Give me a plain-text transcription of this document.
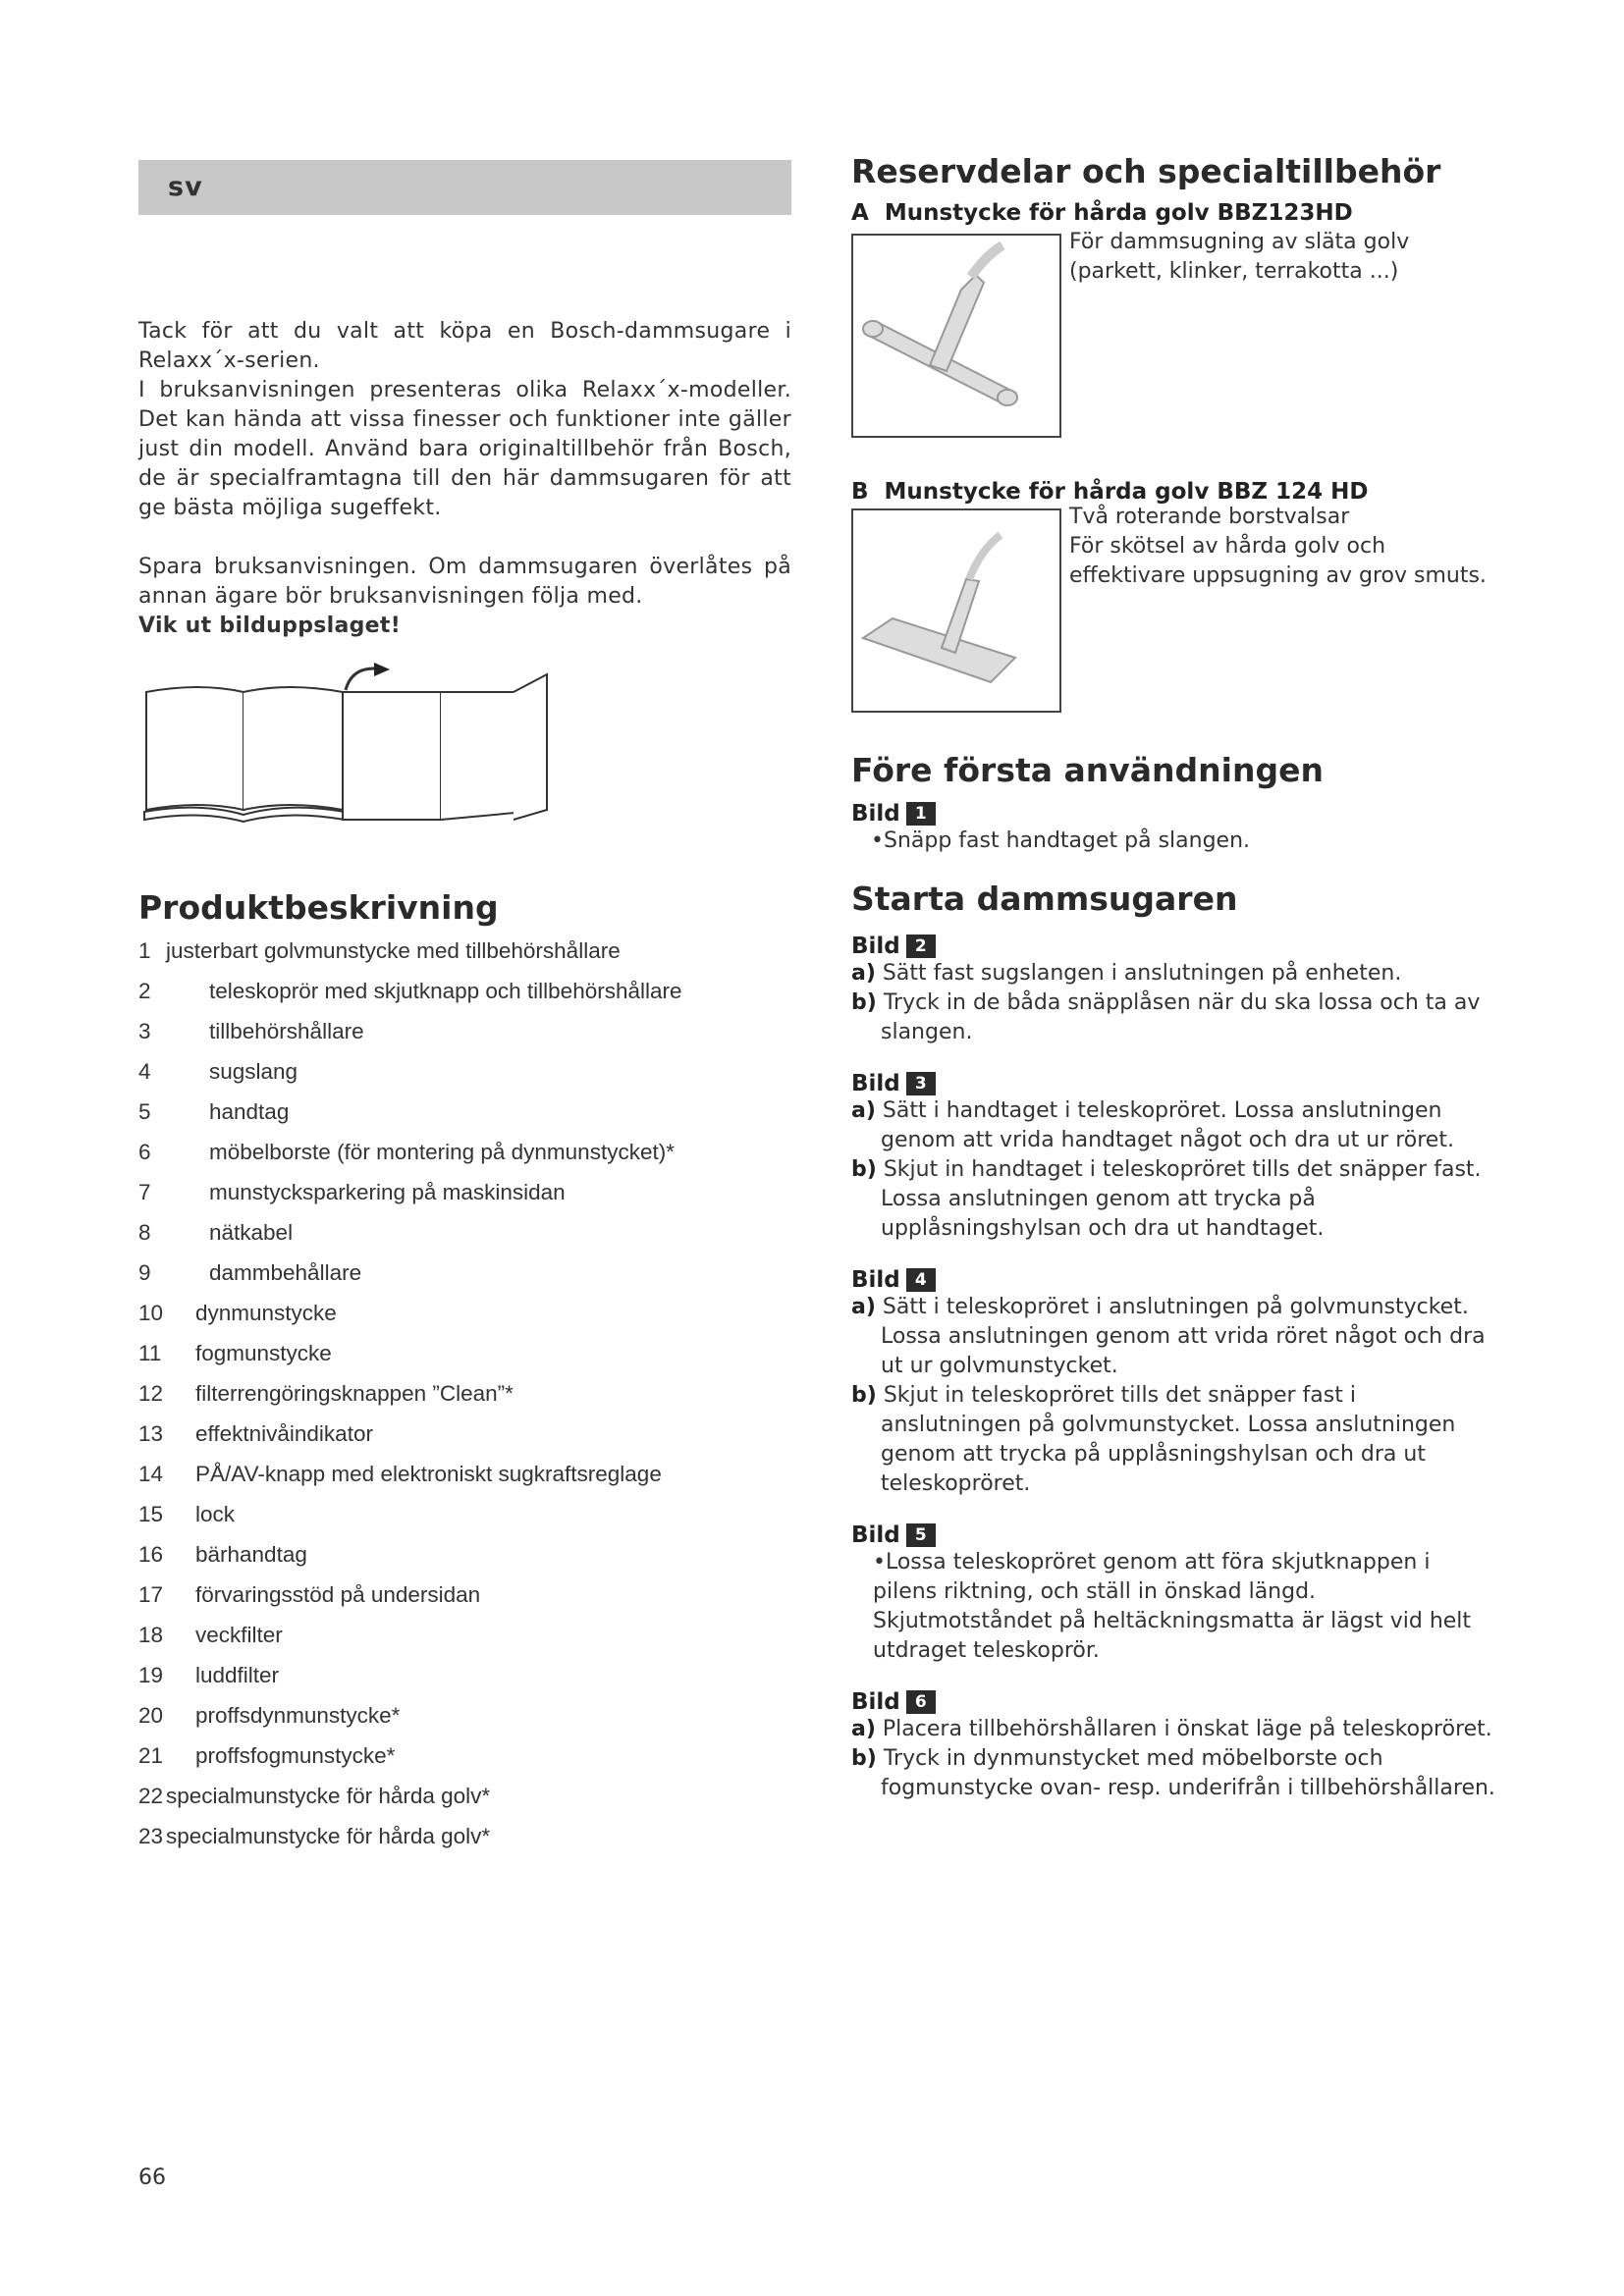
sv

Tack för att du valt att köpa en Bosch-dammsugare i Relaxx´x-serien.

I bruksanvisningen presenteras olika Relaxx´x-modeller. Det kan hända att vissa finesser och funktioner inte gäller just din modell. Använd bara originaltillbehör från Bosch, de är specialframtagna till den här dammsugaren för att ge bästa möjliga sugeffekt.

Spara bruksanvisningen. Om dammsugaren överlåtes på annan ägare bör bruksanvisningen följa med.

Vik ut bilduppslaget!

Produktbeskrivning
1 justerbart golvmunstycke med tillbehörshållare
2	teleskoprör med skjutknapp och tillbehörshållare
3	tillbehörshållare
4	sugslang
5	handtag
6	möbelborste (för montering på dynmunstycket)*
7	munstycksparkering på maskinsidan
8	nätkabel
9	dammbehållare
10	dynmunstycke
11	fogmunstycke
12	filterrengöringsknappen ”Clean”*
13	effektnivåindikator
14	PÅ/AV-knapp med elektroniskt sugkraftsreglage
15	lock
16	bärhandtag
17	förvaringsstöd på undersidan
18	veckfilter
19	luddfilter
20	proffsdynmunstycke*
21	proffsfogmunstycke*
22 specialmunstycke för hårda golv*
23 specialmunstycke för hårda golv*
Reservdelar och specialtillbehör
A Munstycke för hårda golv BBZ123HD
För dammsugning av släta golv (parkett, klinker, terrakotta ...)
B Munstycke för hårda golv BBZ 124 HD
Två roterande borstvalsar
För skötsel av hårda golv och effektivare uppsugning av grov smuts.
Före första användningen
Bild 1

•Snäpp fast handtaget på slangen.

Starta dammsugaren
Bild 2

a) Sätt fast sugslangen i anslutningen på enheten.

b) Tryck in de båda snäpplåsen när du ska lossa och ta av slangen.

Bild 3

a) Sätt i handtaget i teleskopröret. Lossa anslutningen genom att vrida handtaget något och dra ut ur röret.

b) Skjut in handtaget i teleskopröret tills det snäpper fast. Lossa anslutningen genom att trycka på upplåsningshylsan och dra ut handtaget.

Bild 4

a) Sätt i teleskopröret i anslutningen på golvmunstycket. Lossa anslutningen genom att vrida röret något och dra ut ur golvmunstycket.

b) Skjut in teleskopröret tills det snäpper fast i anslutningen på golvmunstycket. Lossa anslutningen genom att trycka på upplåsningshylsan och dra ut teleskopröret.

Bild 5

•Lossa teleskopröret genom att föra skjutknappen i pilens riktning, och ställ in önskad längd. Skjutmotståndet på heltäckningsmatta är lägst vid helt utdraget teleskoprör.

Bild 6

a) Placera tillbehörshållaren i önskat läge på teleskopröret.

b) Tryck in dynmunstycket med möbelborste och fogmunstycke ovan- resp. underifrån i tillbehörshållaren.

66
